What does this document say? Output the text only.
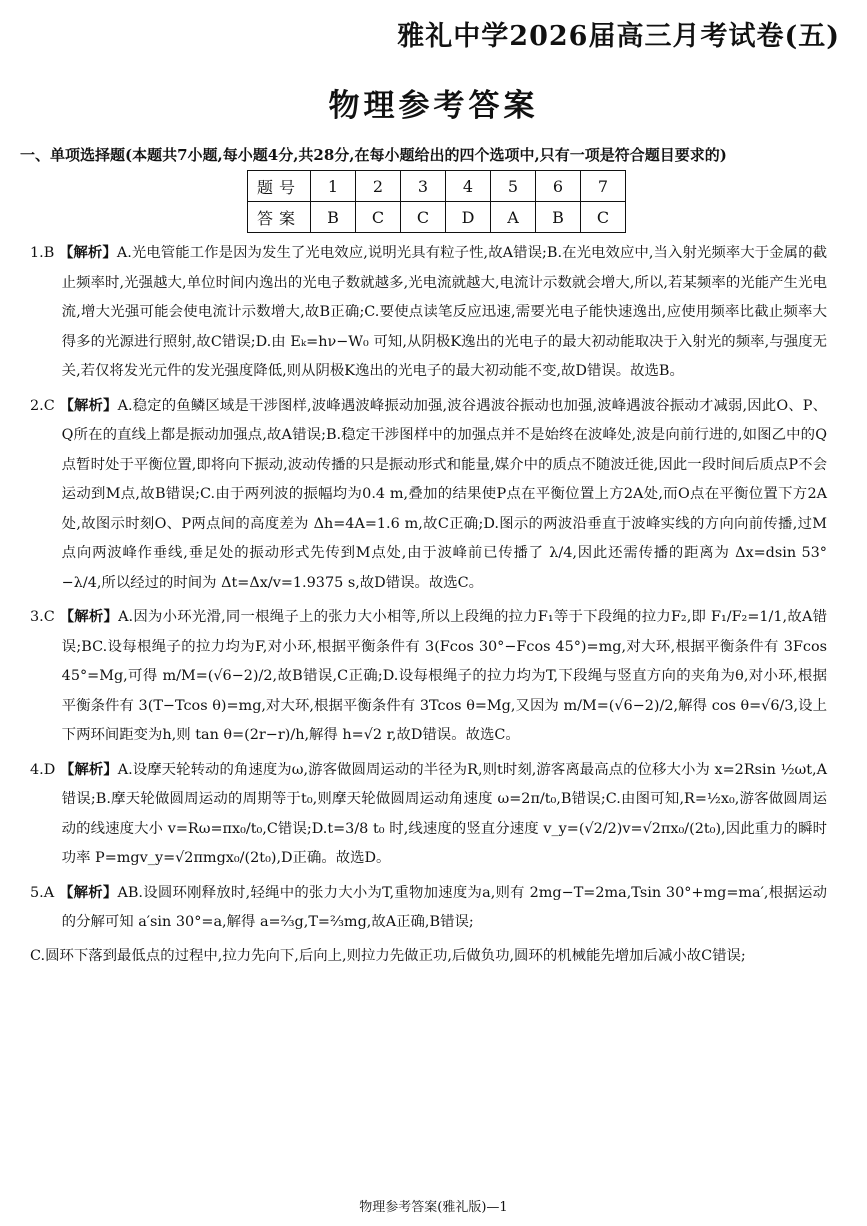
雅礼中学2026届高三月考试卷(五)
物理参考答案
一、单项选择题(本题共7小题,每小题4分,共28分,在每小题给出的四个选项中,只有一项是符合题目要求的)
题号	1	2	3	4	5	6	7
答案	B	C	C	D	A	B	C

1.B 【解析】A.光电管能工作是因为发生了光电效应,说明光具有粒子性,故A错误;B.在光电效应中,当入射光频率大于金属的截止频率时,光强越大,单位时间内逸出的光电子数就越多,光电流就越大,电流计示数就会增大,所以,若某频率的光能产生光电流,增大光强可能会使电流计示数增大,故B正确;C.要使点读笔反应迅速,需要光电子能快速逸出,应使用频率比截止频率大得多的光源进行照射,故C错误;D.由 Eₖ=hν−W₀ 可知,从阴极K逸出的光电子的最大初动能取决于入射光的频率,与强度无关,若仅将发光元件的发光强度降低,则从阴极K逸出的光电子的最大初动能不变,故D错误。故选B。

2.C 【解析】A.稳定的鱼鳞区域是干涉图样,波峰遇波峰振动加强,波谷遇波谷振动也加强,波峰遇波谷振动才减弱,因此O、P、Q所在的直线上都是振动加强点,故A错误;B.稳定干涉图样中的加强点并不是始终在波峰处,波是向前行进的,如图乙中的Q点暂时处于平衡位置,即将向下振动,波动传播的只是振动形式和能量,媒介中的质点不随波迁徙,因此一段时间后质点P不会运动到M点,故B错误;C.由于两列波的振幅均为0.4 m,叠加的结果使P点在平衡位置上方2A处,而O点在平衡位置下方2A处,故图示时刻O、P两点间的高度差为 Δh=4A=1.6 m,故C正确;D.图示的两波沿垂直于波峰实线的方向向前传播,过M点向两波峰作垂线,垂足处的振动形式先传到M点处,由于波峰前已传播了 λ/4,因此还需传播的距离为 Δx=dsin 53°−λ/4,所以经过的时间为 Δt=Δx/v=1.9375 s,故D错误。故选C。

3.C 【解析】A.因为小环光滑,同一根绳子上的张力大小相等,所以上段绳的拉力F₁等于下段绳的拉力F₂,即 F₁/F₂=1/1,故A错误;BC.设每根绳子的拉力均为F,对小环,根据平衡条件有 3(Fcos 30°−Fcos 45°)=mg,对大环,根据平衡条件有 3Fcos 45°=Mg,可得 m/M=(√6−2)/2,故B错误,C正确;D.设每根绳子的拉力均为T,下段绳与竖直方向的夹角为θ,对小环,根据平衡条件有 3(T−Tcos θ)=mg,对大环,根据平衡条件有 3Tcos θ=Mg,又因为 m/M=(√6−2)/2,解得 cos θ=√6/3,设上下两环间距变为h,则 tan θ=(2r−r)/h,解得 h=√2 r,故D错误。故选C。

4.D 【解析】A.设摩天轮转动的角速度为ω,游客做圆周运动的半径为R,则t时刻,游客离最高点的位移大小为 x=2Rsin ½ωt,A错误;B.摩天轮做圆周运动的周期等于t₀,则摩天轮做圆周运动角速度 ω=2π/t₀,B错误;C.由图可知,R=½x₀,游客做圆周运动的线速度大小 v=Rω=πx₀/t₀,C错误;D.t=3/8 t₀ 时,线速度的竖直分速度 v_y=(√2/2)v=√2πx₀/(2t₀),因此重力的瞬时功率 P=mgv_y=√2πmgx₀/(2t₀),D正确。故选D。

5.A 【解析】AB.设圆环刚释放时,轻绳中的张力大小为T,重物加速度为a,则有 2mg−T=2ma,Tsin 30°+mg=ma′,根据运动的分解可知 a′sin 30°=a,解得 a=⅔g,T=⅔mg,故A正确,B错误;

C.圆环下落到最低点的过程中,拉力先向下,后向上,则拉力先做正功,后做负功,圆环的机械能先增加后减小故C错误;

物理参考答案(雅礼版)—1
